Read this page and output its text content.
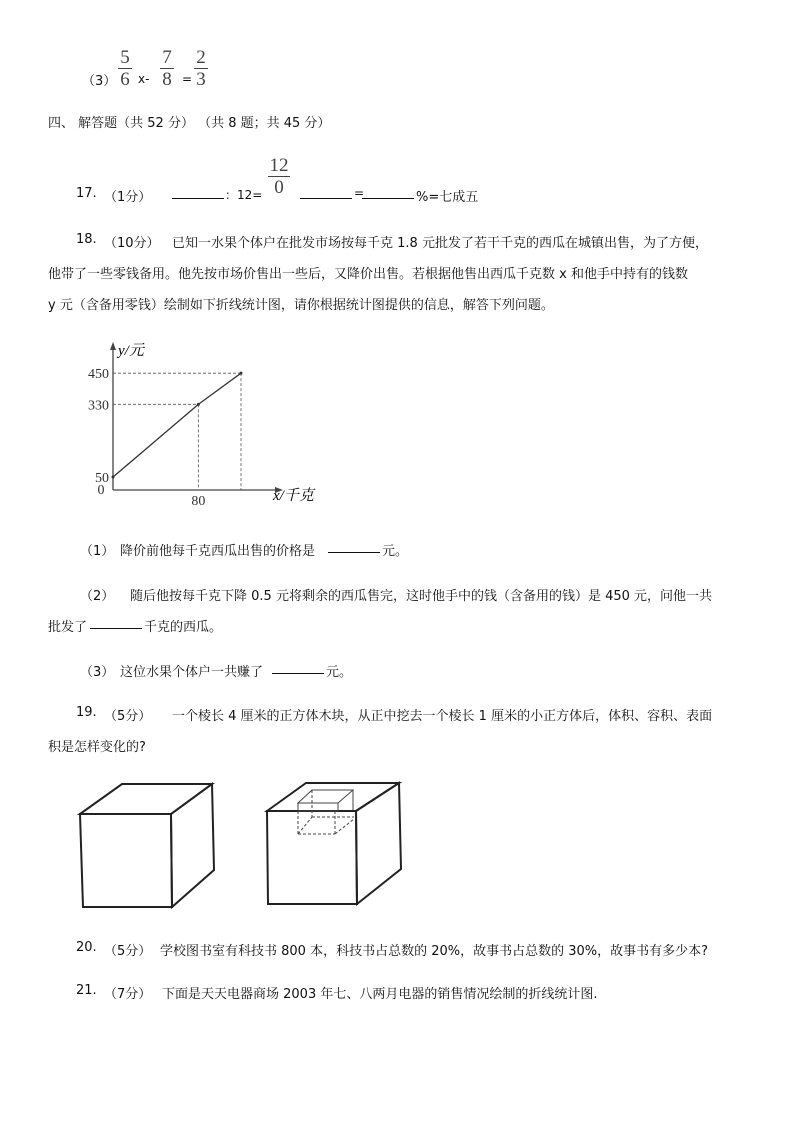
（3）
5
6 x-
7
8 =
2
3
四、 解答题（共 52 分） （共 8 题；共 45 分）
17. （1分）	：12=
12
0	=	%=七成五
18. （10分） 已知一水果个体户在批发市场按每千克 1.8 元批发了若干千克的西瓜在城镇出售，为了方便，
他带了一些零钱备用。他先按市场价售出一些后，又降价出售。若根据他售出西瓜千克数 x 和他手中持有的钱数
y 元（含备用零钱）绘制如下折线统计图，请你根据统计图提供的信息，解答下列问题。
50
330
450
0
80
y/元
x/千克
（1） 降价前他每千克西瓜出售的价格是	元。
（2） 随后他按每千克下降 0.5 元将剩余的西瓜售完，这时他手中的钱（含备用的钱）是 450 元，问他一共
批发了	千克的西瓜。
（3） 这位水果个体户一共赚了	元。
19. （5分） 一个棱长 4 厘米的正方体木块，从正中挖去一个棱长 1 厘米的小正方体后，体积、容积、表面
积是怎样变化的?
20. （5分） 学校图书室有科技书 800 本，科技书占总数的 20%，故事书占总数的 30%，故事书有多少本?
21. （7分） 下面是天天电器商场 2003 年七、八两月电器的销售情况绘制的折线统计图.
